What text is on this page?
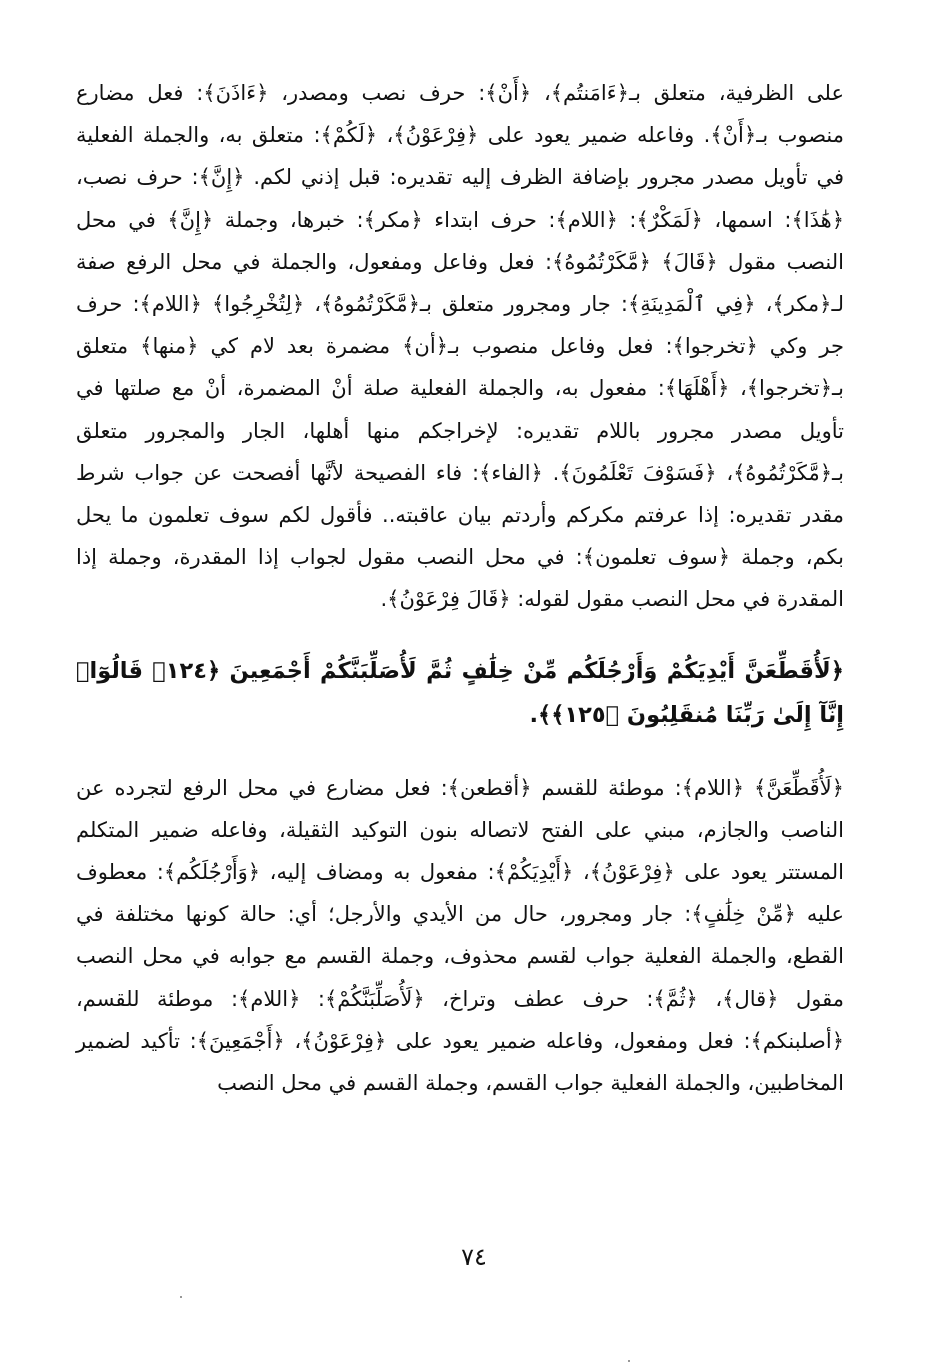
على الظرفية، متعلق بـ﴿ءَامَنتُم﴾، ﴿أَنْ﴾: حرف نصب ومصدر، ﴿ءَاذَنَ﴾: فعل مضارع منصوب بـ﴿أَنْ﴾. وفاعله ضمير يعود على ﴿فِرْعَوْنُ﴾، ﴿لَكُمْ﴾: متعلق به، والجملة الفعلية في تأويل مصدر مجرور بإضافة الظرف إليه تقديره: قبل إذني لكم. ﴿إِنَّ﴾: حرف نصب، ﴿هَٰذَا﴾: اسمها، ﴿لَمَكْرٌ﴾: ﴿اللام﴾: حرف ابتداء ﴿مكر﴾: خبرها، وجملة ﴿إِنَّ﴾ في محل النصب مقول ﴿قَالَ﴾ ﴿مَّكَرْتُمُوهُ﴾: فعل وفاعل ومفعول، والجملة في محل الرفع صفة لـ﴿مكر﴾، ﴿فِي ٱلْمَدِينَةِ﴾: جار ومجرور متعلق بـ﴿مَّكَرْتُمُوهُ﴾، ﴿لِتُخْرِجُوا﴾ ﴿اللام﴾: حرف جر وكي ﴿تخرجوا﴾: فعل وفاعل منصوب بـ﴿أن﴾ مضمرة بعد لام كي ﴿منها﴾ متعلق بـ﴿تخرجوا﴾، ﴿أَهْلَهَا﴾: مفعول به، والجملة الفعلية صلة أنْ المضمرة، أنْ مع صلتها في تأويل مصدر مجرور باللام تقديره: لإخراجكم منها أهلها، الجار والمجرور متعلق بـ﴿مَّكَرْتُمُوهُ﴾، ﴿فَسَوْفَ تَعْلَمُونَ﴾. ﴿الفاء﴾: فاء الفصيحة لأنَّها أفصحت عن جواب شرط مقدر تقديره: إذا عرفتم مكركم وأردتم بيان عاقبته.. فأقول لكم سوف تعلمون ما يحل بكم، وجملة ﴿سوف تعلمون﴾: في محل النصب مقول لجواب إذا المقدرة، وجملة إذا المقدرة في محل النصب مقول لقوله: ﴿قَالَ فِرْعَوْنُ﴾.

﴿لَأُقَطِّعَنَّ أَيْدِيَكُمْ وَأَرْجُلَكُم مِّنْ خِلَٰفٍ ثُمَّ لَأُصَلِّبَنَّكُمْ أَجْمَعِينَ ﴿١٢٤﴾ قَالُوٓا۟ إِنَّآ إِلَىٰ رَبِّنَا مُنقَلِبُونَ ﴿١٢٥﴾﴾.

﴿لَأُقَطِّعَنَّ﴾ ﴿اللام﴾: موطئة للقسم ﴿أقطعن﴾: فعل مضارع في محل الرفع لتجرده عن الناصب والجازم، مبني على الفتح لاتصاله بنون التوكيد الثقيلة، وفاعله ضمير المتكلم المستتر يعود على ﴿فِرْعَوْنُ﴾، ﴿أَيْدِيَكُمْ﴾: مفعول به ومضاف إليه، ﴿وَأَرْجُلَكُم﴾: معطوف عليه ﴿مِّنْ خِلَٰفٍ﴾: جار ومجرور، حال من الأيدي والأرجل؛ أي: حالة كونها مختلفة في القطع، والجملة الفعلية جواب لقسم محذوف، وجملة القسم مع جوابه في محل النصب مقول ﴿قال﴾، ﴿ثُمَّ﴾: حرف عطف وتراخ، ﴿لَأُصَلِّبَنَّكُمْ﴾: ﴿اللام﴾: موطئة للقسم، ﴿أصلبنكم﴾: فعل ومفعول، وفاعله ضمير يعود على ﴿فِرْعَوْنُ﴾، ﴿أَجْمَعِينَ﴾: تأكيد لضمير المخاطبين، والجملة الفعلية جواب القسم، وجملة القسم في محل النصب

٧٤
